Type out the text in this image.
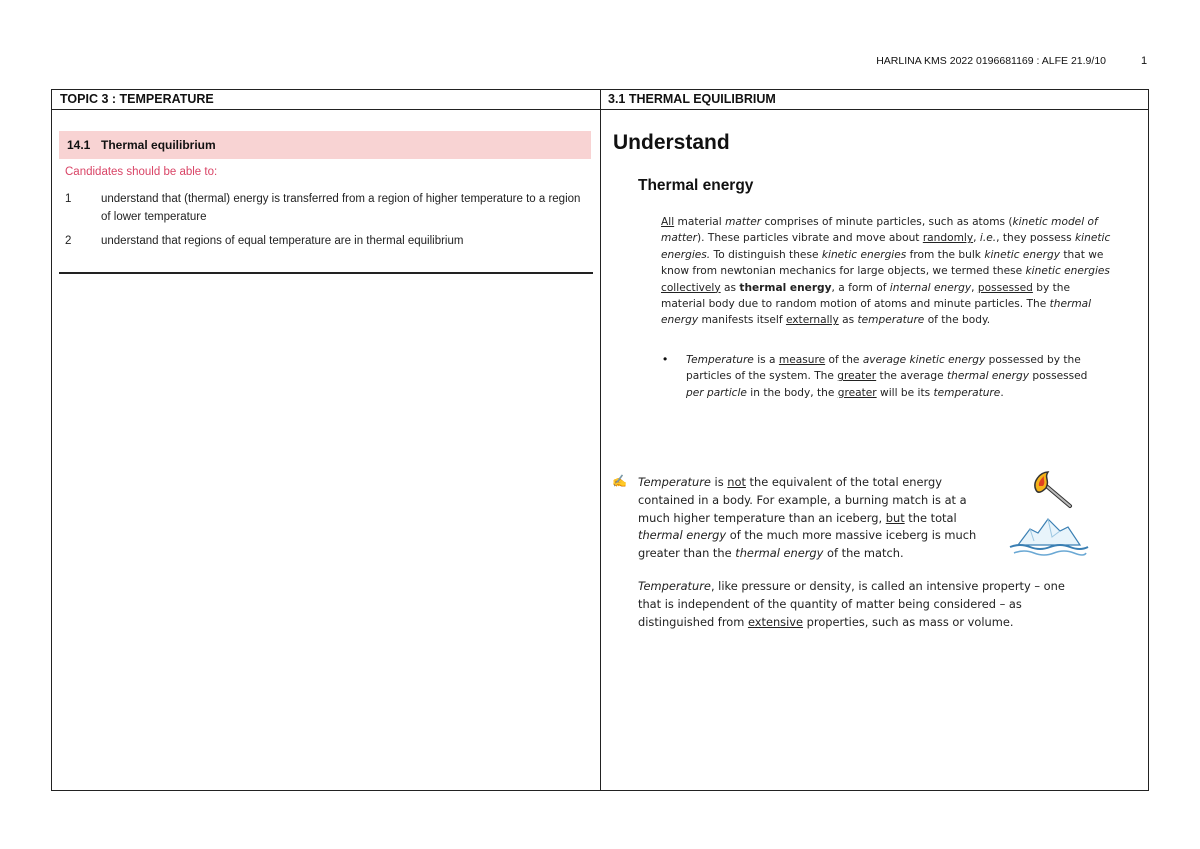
HARLINA KMS 2022 0196681169 : ALFE 21.9/10	1
TOPIC 3 : TEMPERATURE	3.1 THERMAL EQUILIBRIUM
14.1 Thermal equilibrium
Candidates should be able to:
1	understand that (thermal) energy is transferred from a region of higher temperature to a region of lower temperature
2	understand that regions of equal temperature are in thermal equilibrium
Understand
Thermal energy
All material matter comprises of minute particles, such as atoms (kinetic model of matter). These particles vibrate and move about randomly, i.e., they possess kinetic energies. To distinguish these kinetic energies from the bulk kinetic energy that we know from newtonian mechanics for large objects, we termed these kinetic energies collectively as thermal energy, a form of internal energy, possessed by the material body due to random motion of atoms and minute particles. The thermal energy manifests itself externally as temperature of the body.
• Temperature is a measure of the average kinetic energy possessed by the particles of the system. The greater the average thermal energy possessed per particle in the body, the greater will be its temperature.
✍ Temperature is not the equivalent of the total energy contained in a body. For example, a burning match is at a much higher temperature than an iceberg, but the total thermal energy of the much more massive iceberg is much greater than the thermal energy of the match.
Temperature, like pressure or density, is called an intensive property – one that is independent of the quantity of matter being considered – as distinguished from extensive properties, such as mass or volume.
